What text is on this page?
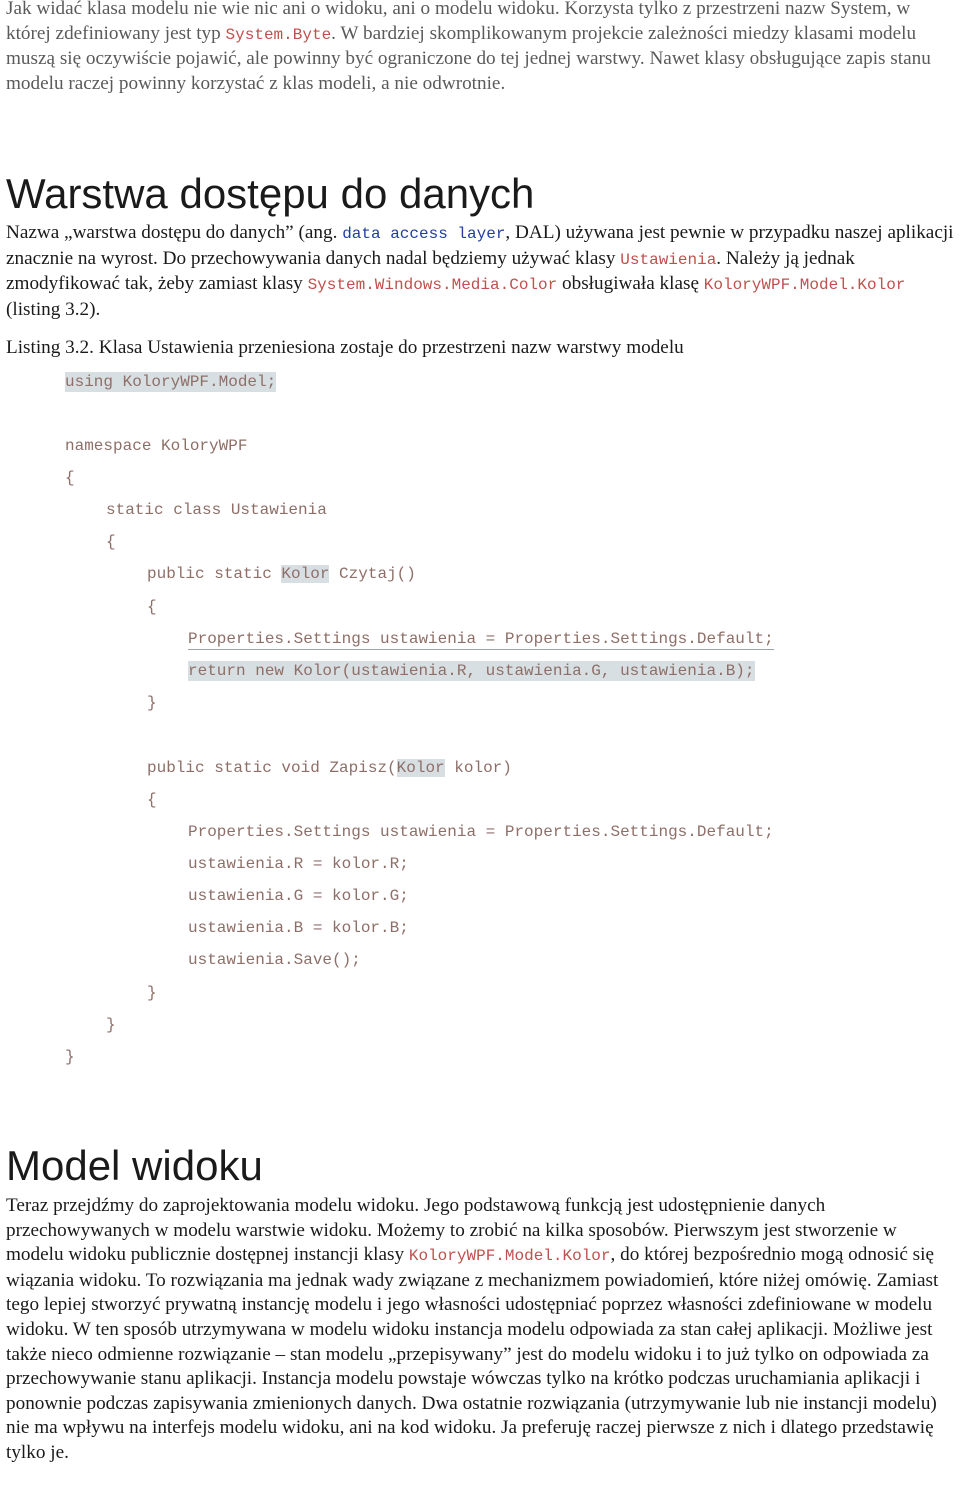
Jak widać klasa modelu nie wie nic ani o widoku, ani o modelu widoku. Korzysta tylko z przestrzeni nazw System, w której zdefiniowany jest typ System.Byte. W bardziej skomplikowanym projekcie zależności miedzy klasami modelu muszą się oczywiście pojawić, ale powinny być ograniczone do tej jednej warstwy. Nawet klasy obsługujące zapis stanu modelu raczej powinny korzystać z klas modeli, a nie odwrotnie.

Warstwa dostępu do danych

Nazwa „warstwa dostępu do danych” (ang. data access layer, DAL) używana jest pewnie w przypadku naszej aplikacji znacznie na wyrost. Do przechowywania danych nadal będziemy używać klasy Ustawienia. Należy ją jednak zmodyfikować tak, żeby zamiast klasy System.Windows.Media.Color obsługiwała klasę KoloryWPF.Model.Kolor (listing 3.2).

Listing 3.2. Klasa Ustawienia przeniesiona zostaje do przestrzeni nazw warstwy modelu

using KoloryWPF.Model;
namespace KoloryWPF
{
static class Ustawienia
{
public static Kolor Czytaj()
{
Properties.Settings ustawienia = Properties.Settings.Default;
return new Kolor(ustawienia.R, ustawienia.G, ustawienia.B);
}
public static void Zapisz(Kolor kolor)
{
Properties.Settings ustawienia = Properties.Settings.Default;
ustawienia.R = kolor.R;
ustawienia.G = kolor.G;
ustawienia.B = kolor.B;
ustawienia.Save();
}
}
}
Model widoku

Teraz przejdźmy do zaprojektowania modelu widoku. Jego podstawową funkcją jest udostępnienie danych przechowywanych w modelu warstwie widoku. Możemy to zrobić na kilka sposobów. Pierwszym jest stworzenie w modelu widoku publicznie dostępnej instancji klasy KoloryWPF.Model.Kolor, do której bezpośrednio mogą odnosić się wiązania widoku. To rozwiązania ma jednak wady związane z mechanizmem powiadomień, które niżej omówię. Zamiast tego lepiej stworzyć prywatną instancję modelu i jego własności udostępniać poprzez własności zdefiniowane w modelu widoku. W ten sposób utrzymywana w modelu widoku instancja modelu odpowiada za stan całej aplikacji. Możliwe jest także nieco odmienne rozwiązanie – stan modelu „przepisywany” jest do modelu widoku i to już tylko on odpowiada za przechowywanie stanu aplikacji. Instancja modelu powstaje wówczas tylko na krótko podczas uruchamiania aplikacji i ponownie podczas zapisywania zmienionych danych. Dwa ostatnie rozwiązania (utrzymywanie lub nie instancji modelu) nie ma wpływu na interfejs modelu widoku, ani na kod widoku. Ja preferuję raczej pierwsze z nich i dlatego przedstawię tylko je.
